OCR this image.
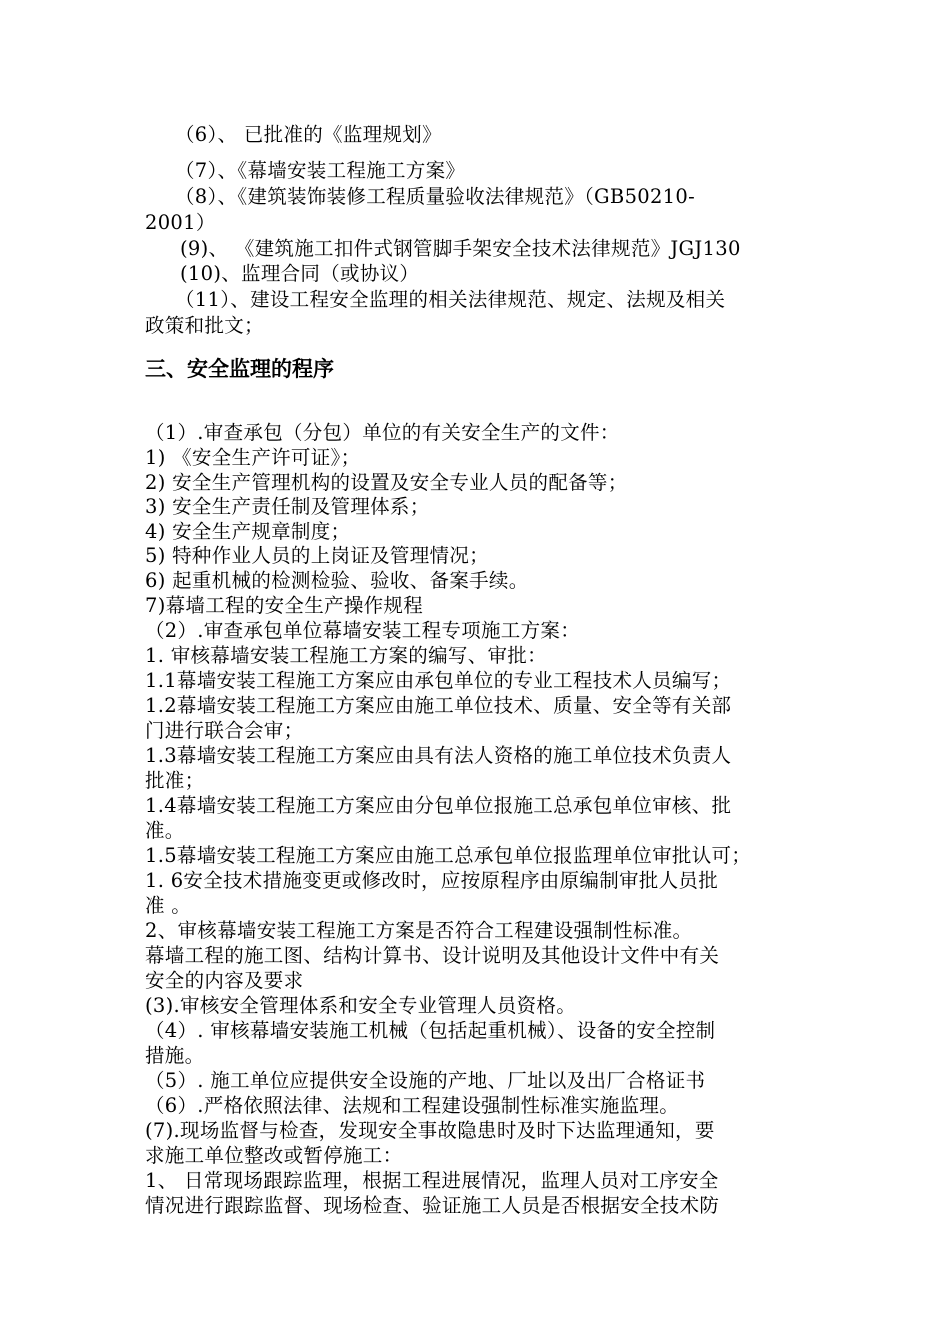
（6）、 已批准的《监理规划》

（7）、《幕墙安装工程施工方案》

（8）、《建筑装饰装修工程质量验收法律规范》（GB50210-

2001）

(9)、 《建筑施工扣件式钢管脚手架安全技术法律规范》JGJ130

(10)、监理合同（或协议）

（11）、建设工程安全监理的相关法律规范、规定、法规及相关

政策和批文；

三、安全监理的程序

（1）.审查承包（分包）单位的有关安全生产的文件：

1) 《安全生产许可证》；

2) 安全生产管理机构的设置及安全专业人员的配备等；

3) 安全生产责任制及管理体系；

4) 安全生产规章制度；

5) 特种作业人员的上岗证及管理情况；

6) 起重机械的检测检验、验收、备案手续。

7)幕墙工程的安全生产操作规程

（2）.审查承包单位幕墙安装工程专项施工方案：

1. 审核幕墙安装工程施工方案的编写、审批：

1.1幕墙安装工程施工方案应由承包单位的专业工程技术人员编写；

1.2幕墙安装工程施工方案应由施工单位技术、质量、安全等有关部

门进行联合会审；

1.3幕墙安装工程施工方案应由具有法人资格的施工单位技术负责人

批准；

1.4幕墙安装工程施工方案应由分包单位报施工总承包单位审核、批

准。

1.5幕墙安装工程施工方案应由施工总承包单位报监理单位审批认可；

1. 6安全技术措施变更或修改时，应按原程序由原编制审批人员批

准 。

2、审核幕墙安装工程施工方案是否符合工程建设强制性标准。

幕墙工程的施工图、结构计算书、设计说明及其他设计文件中有关

安全的内容及要求

(3).审核安全管理体系和安全专业管理人员资格。

（4）. 审核幕墙安装施工机械（包括起重机械）、设备的安全控制

措施。

（5）. 施工单位应提供安全设施的产地、厂址以及出厂合格证书

（6）.严格依照法律、法规和工程建设强制性标准实施监理。

(7).现场监督与检查，发现安全事故隐患时及时下达监理通知，要

求施工单位整改或暂停施工：

1、 日常现场跟踪监理，根据工程进展情况，监理人员对工序安全

情况进行跟踪监督、现场检查、验证施工人员是否根据安全技术防
